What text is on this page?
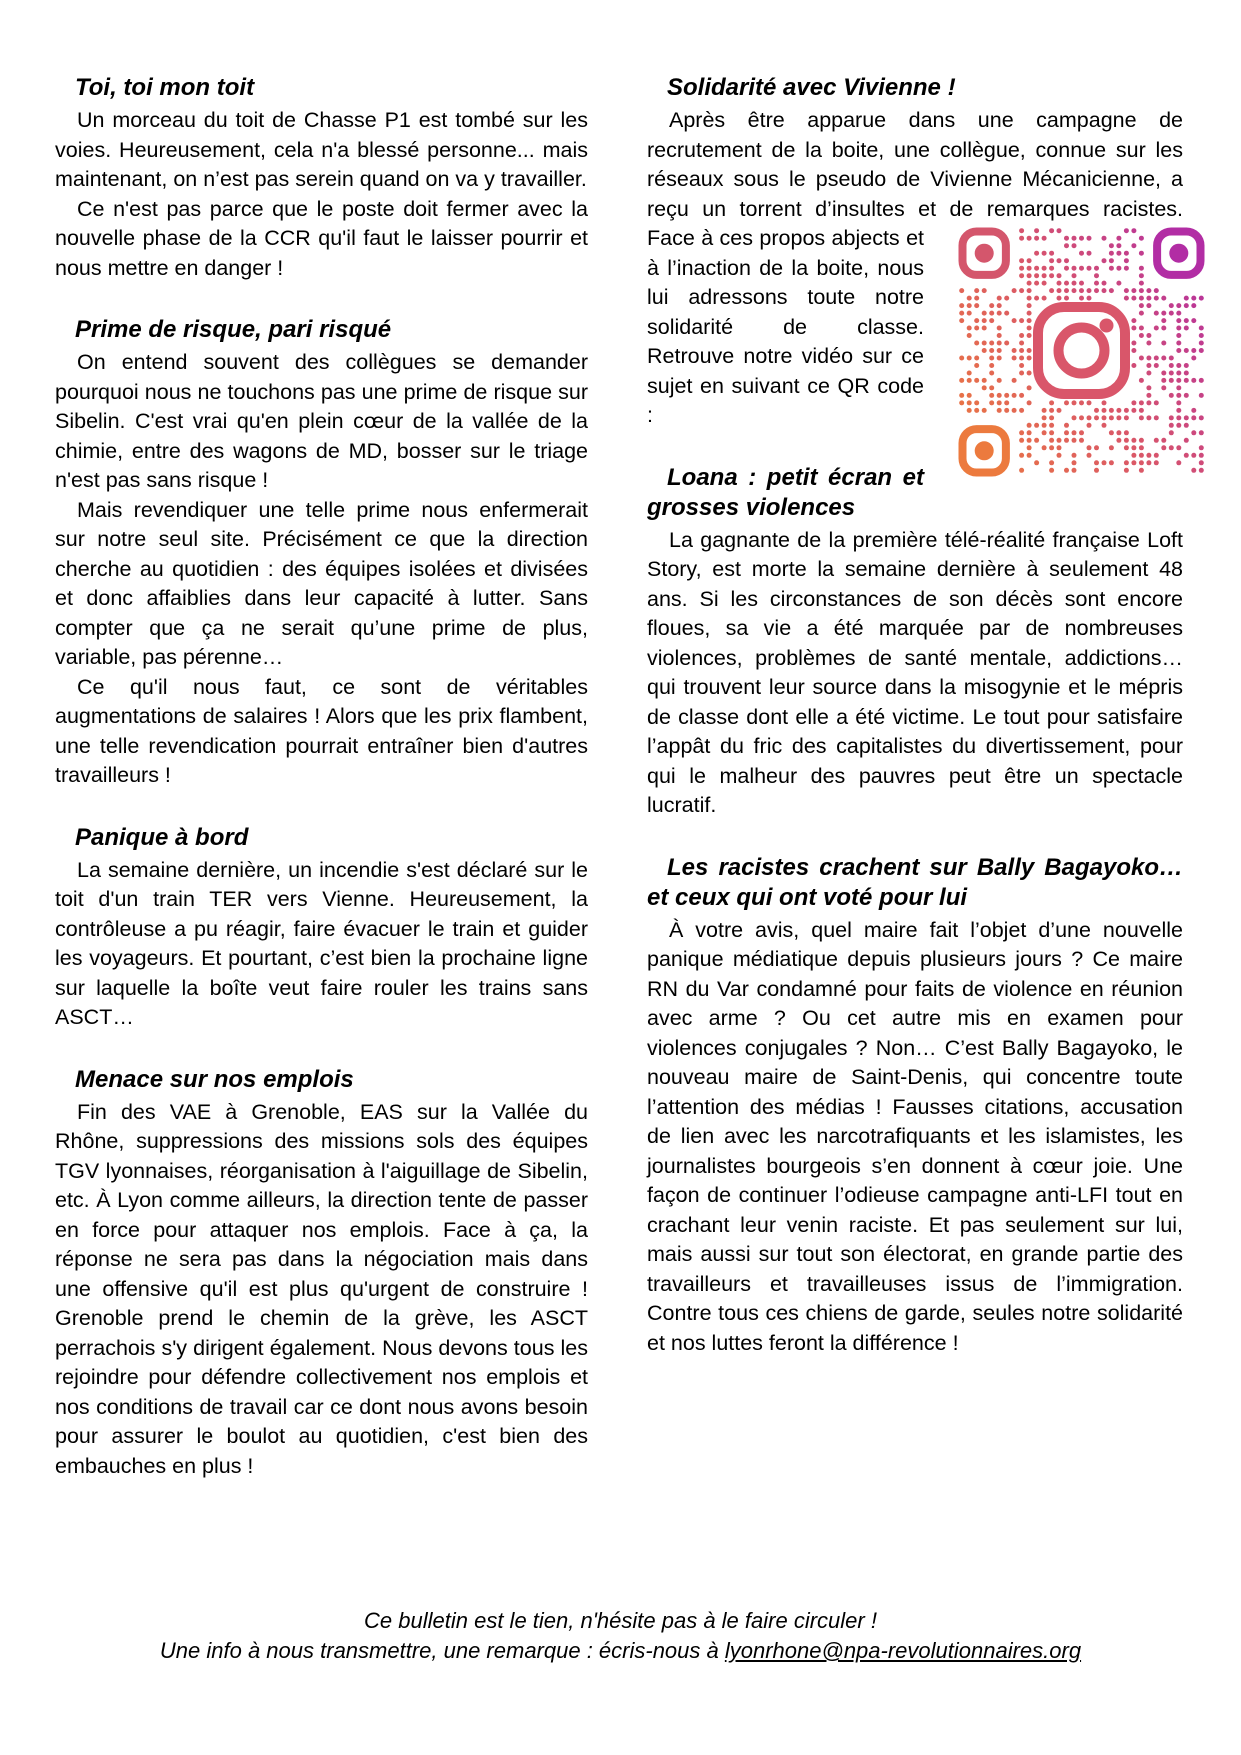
Toi, toi mon toit

Un morceau du toit de Chasse P1 est tombé sur les voies. Heureusement, cela n'a blessé personne... mais maintenant, on n’est pas serein quand on va y travailler.

Ce n'est pas parce que le poste doit fermer avec la nouvelle phase de la CCR qu'il faut le laisser pourrir et nous mettre en danger !

Prime de risque, pari risqué

On entend souvent des collègues se demander pourquoi nous ne touchons pas une prime de risque sur Sibelin. C'est vrai qu'en plein cœur de la vallée de la chimie, entre des wagons de MD, bosser sur le triage n'est pas sans risque !

Mais revendiquer une telle prime nous enfermerait sur notre seul site. Précisément ce que la direction cherche au quotidien : des équipes isolées et divisées et donc affaiblies dans leur capacité à lutter. Sans compter que ça ne serait qu’une prime de plus, variable, pas pérenne…

Ce qu'il nous faut, ce sont de véritables augmentations de salaires ! Alors que les prix flambent, une telle revendication pourrait entraîner bien d'autres travailleurs !

Panique à bord

La semaine dernière, un incendie s'est déclaré sur le toit d'un train TER vers Vienne. Heureusement, la contrôleuse a pu réagir, faire évacuer le train et guider les voyageurs. Et pourtant, c’est bien la prochaine ligne sur laquelle la boîte veut faire rouler les trains sans ASCT…

Menace sur nos emplois

Fin des VAE à Grenoble, EAS sur la Vallée du Rhône, suppressions des missions sols des équipes TGV lyonnaises, réorganisation à l'aiguillage de Sibelin, etc. À Lyon comme ailleurs, la direction tente de passer en force pour attaquer nos emplois. Face à ça, la réponse ne sera pas dans la négociation mais dans une offensive qu'il est plus qu'urgent de construire ! Grenoble prend le chemin de la grève, les ASCT perrachois s'y dirigent également. Nous devons tous les rejoindre pour défendre collectivement nos emplois et nos conditions de travail car ce dont nous avons besoin pour assurer le boulot au quotidien, c'est bien des embauches en plus !

Solidarité avec Vivienne !

Après être apparue dans une campagne de recrutement de la boite, une collègue, connue sur les réseaux sous le pseudo de Vivienne Mécanicienne, a reçu un torrent d’insultes et de
remarques racistes. Face à ces propos abjects et à l’inaction de la boite, nous lui adressons toute notre solidarité de classe. Retrouve notre vidéo sur ce sujet en suivant ce QR code :

Loana : petit écran et grosses violences

La gagnante de la première télé-réalité française Loft Story, est morte la semaine dernière à seulement 48 ans. Si les circonstances de son décès sont encore floues, sa vie a été marquée par de nombreuses violences, problèmes de santé mentale, addictions… qui trouvent leur source dans la misogynie et le mépris de classe dont elle a été victime. Le tout pour satisfaire l’appât du fric des capitalistes du divertissement, pour qui le malheur des pauvres peut être un spectacle lucratif.

Les racistes crachent sur Bally Bagayoko… et ceux qui ont voté pour lui

À votre avis, quel maire fait l’objet d’une nouvelle panique médiatique depuis plusieurs jours ? Ce maire RN du Var condamné pour faits de violence en réunion avec arme ? Ou cet autre mis en examen pour violences conjugales ? Non… C’est Bally Bagayoko, le nouveau maire de Saint-Denis, qui concentre toute l’attention des médias ! Fausses citations, accusation de lien avec les narcotrafiquants et les islamistes, les journalistes bourgeois s’en donnent à cœur joie. Une façon de continuer l’odieuse campagne anti-LFI tout en crachant leur venin raciste. Et pas seulement sur lui, mais aussi sur tout son électorat, en grande partie des travailleurs et travailleuses issus de l’immigration. Contre tous ces chiens de garde, seules notre solidarité et nos luttes feront la différence !

Ce bulletin est le tien, n'hésite pas à le faire circuler !
Une info à nous transmettre, une remarque : écris-nous à lyonrhone@npa-revolutionnaires.org
